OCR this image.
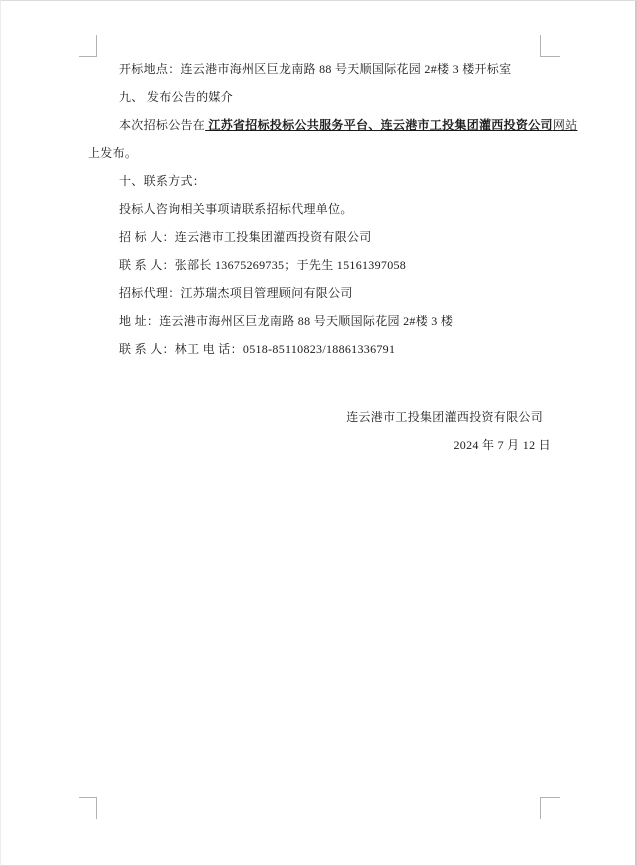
开标地点：连云港市海州区巨龙南路 88 号天顺国际花园 2#楼 3 楼开标室

九、 发布公告的媒介

本次招标公告在 江苏省招标投标公共服务平台、连云港市工投集团灌西投资公司网站
上发布。

十、联系方式：

投标人咨询相关事项请联系招标代理单位。

招 标 人：连云港市工投集团灌西投资有限公司

联 系 人：张部长 13675269735；于先生 15161397058

招标代理：江苏瑞杰项目管理顾问有限公司

地 址：连云港市海州区巨龙南路 88 号天顺国际花园 2#楼 3 楼

联 系 人：林工 电 话：0518-85110823/18861336791

连云港市工投集团灌西投资有限公司
2024 年 7 月 12 日
